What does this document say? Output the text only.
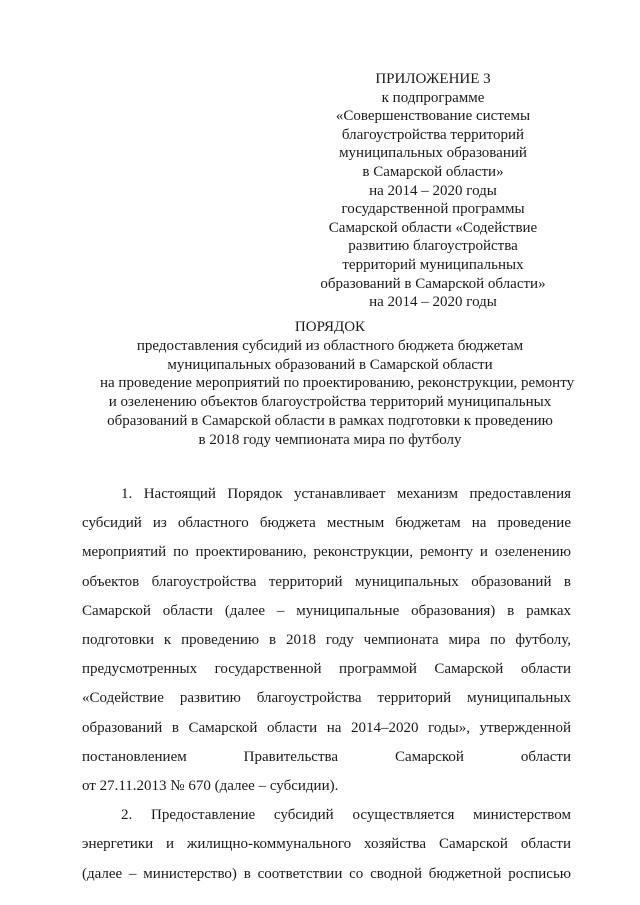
ПРИЛОЖЕНИЕ 3
к подпрограмме
«Совершенствование системы
благоустройства территорий
муниципальных образований
в Самарской области»
на 2014 – 2020 годы
государственной программы
Самарской области «Содействие
развитию благоустройства
территорий муниципальных
образований в Самарской области»
на 2014 – 2020 годы
ПОРЯДОК
предоставления субсидий из областного бюджета бюджетам
муниципальных образований в Самарской области
на проведение мероприятий по проектированию, реконструкции, ремонту
и озеленению объектов благоустройства территорий муниципальных
образований в Самарской области в рамках подготовки к проведению
в 2018 году чемпионата мира по футболу
1. Настоящий Порядок устанавливает механизм предоставления
субсидий из областного бюджета местным бюджетам на проведение
мероприятий по проектированию, реконструкции, ремонту и озеленению
объектов благоустройства территорий муниципальных образований в
Самарской области (далее – муниципальные образования) в рамках
подготовки к проведению в 2018 году чемпионата мира по футболу,
предусмотренных государственной программой Самарской области
«Содействие развитию благоустройства территорий муниципальных
образований в Самарской области на 2014–2020 годы», утвержденной
постановлением Правительства Самарской области
от 27.11.2013 № 670 (далее – субсидии).
2. Предоставление субсидий осуществляется министерством
энергетики и жилищно-коммунального хозяйства Самарской области
(далее – министерство) в соответствии со сводной бюджетной росписью
